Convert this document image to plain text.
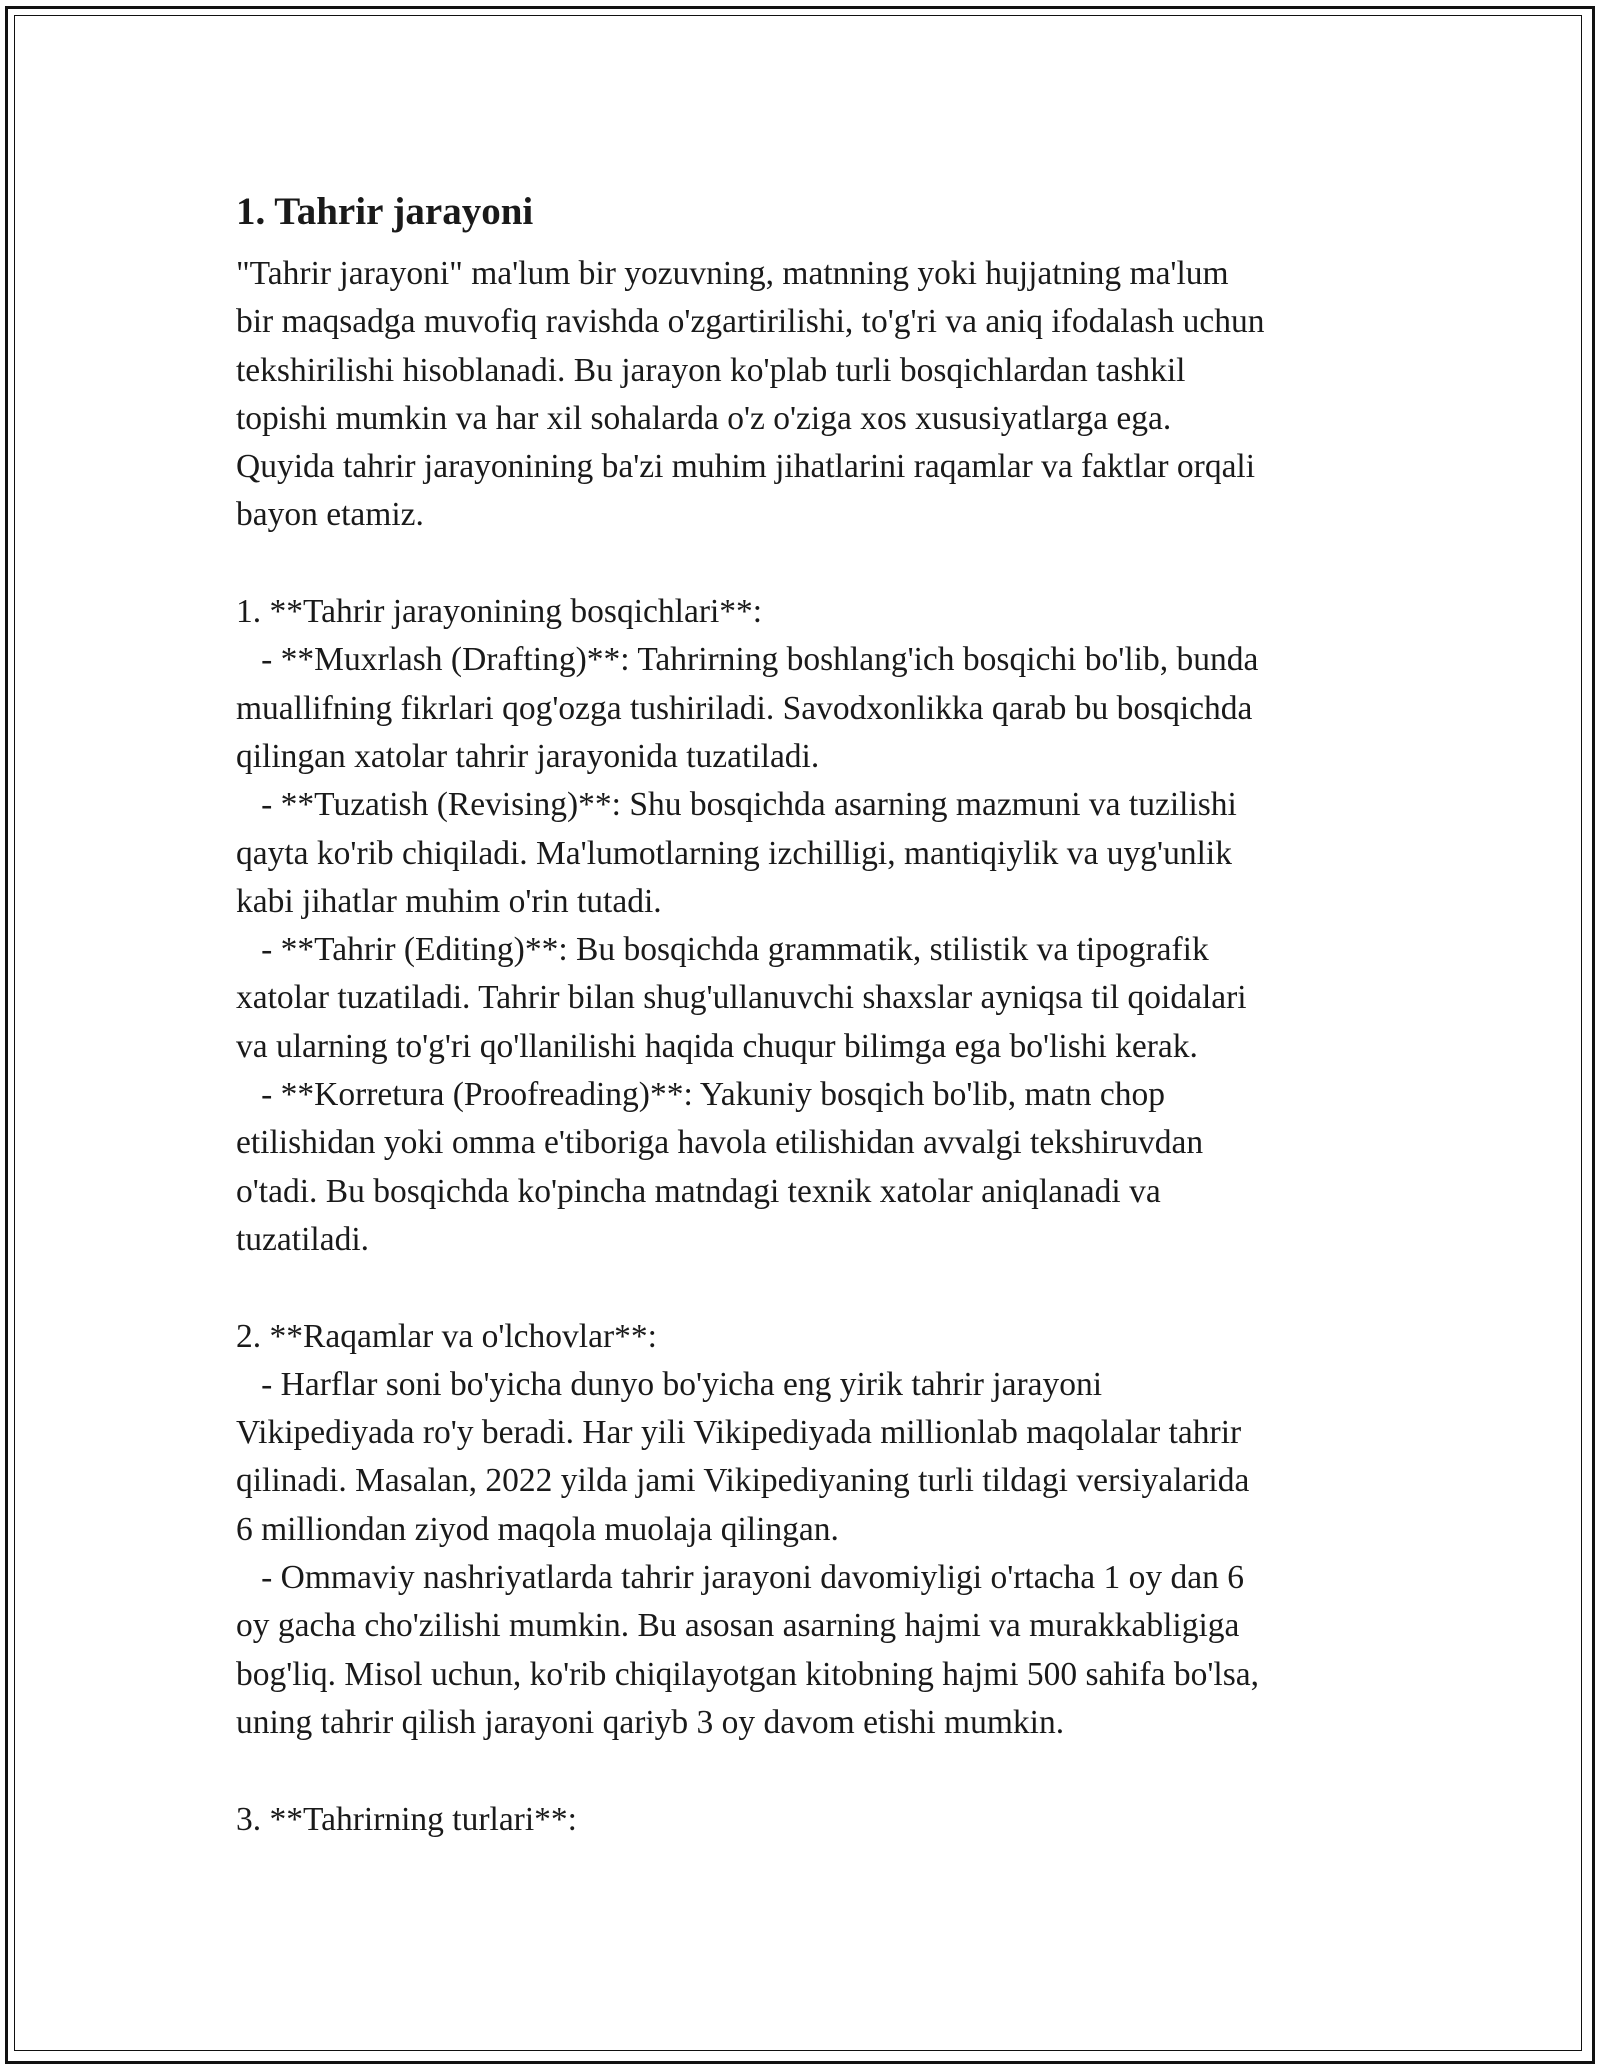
1. Tahrir jarayoni
"Tahrir jarayoni" ma'lum bir yozuvning, matnning yoki hujjatning ma'lum
bir maqsadga muvofiq ravishda o'zgartirilishi, to'g'ri va aniq ifodalash uchun
tekshirilishi hisoblanadi. Bu jarayon ko'plab turli bosqichlardan tashkil
topishi mumkin va har xil sohalarda o'z o'ziga xos xususiyatlarga ega.
Quyida tahrir jarayonining ba'zi muhim jihatlarini raqamlar va faktlar orqali
bayon etamiz.
1. **Tahrir jarayonining bosqichlari**:
- **Muxrlash (Drafting)**: Tahrirning boshlang'ich bosqichi bo'lib, bunda
muallifning fikrlari qog'ozga tushiriladi. Savodxonlikka qarab bu bosqichda
qilingan xatolar tahrir jarayonida tuzatiladi.
- **Tuzatish (Revising)**: Shu bosqichda asarning mazmuni va tuzilishi
qayta ko'rib chiqiladi. Ma'lumotlarning izchilligi, mantiqiylik va uyg'unlik
kabi jihatlar muhim o'rin tutadi.
- **Tahrir (Editing)**: Bu bosqichda grammatik, stilistik va tipografik
xatolar tuzatiladi. Tahrir bilan shug'ullanuvchi shaxslar ayniqsa til qoidalari
va ularning to'g'ri qo'llanilishi haqida chuqur bilimga ega bo'lishi kerak.
- **Korretura (Proofreading)**: Yakuniy bosqich bo'lib, matn chop
etilishidan yoki omma e'tiboriga havola etilishidan avvalgi tekshiruvdan
o'tadi. Bu bosqichda ko'pincha matndagi texnik xatolar aniqlanadi va
tuzatiladi.
2. **Raqamlar va o'lchovlar**:
- Harflar soni bo'yicha dunyo bo'yicha eng yirik tahrir jarayoni
Vikipediyada ro'y beradi. Har yili Vikipediyada millionlab maqolalar tahrir
qilinadi. Masalan, 2022 yilda jami Vikipediyaning turli tildagi versiyalarida
6 milliondan ziyod maqola muolaja qilingan.
- Ommaviy nashriyatlarda tahrir jarayoni davomiyligi o'rtacha 1 oy dan 6
oy gacha cho'zilishi mumkin. Bu asosan asarning hajmi va murakkabligiga
bog'liq. Misol uchun, ko'rib chiqilayotgan kitobning hajmi 500 sahifa bo'lsa,
uning tahrir qilish jarayoni qariyb 3 oy davom etishi mumkin.
3. **Tahrirning turlari**:
